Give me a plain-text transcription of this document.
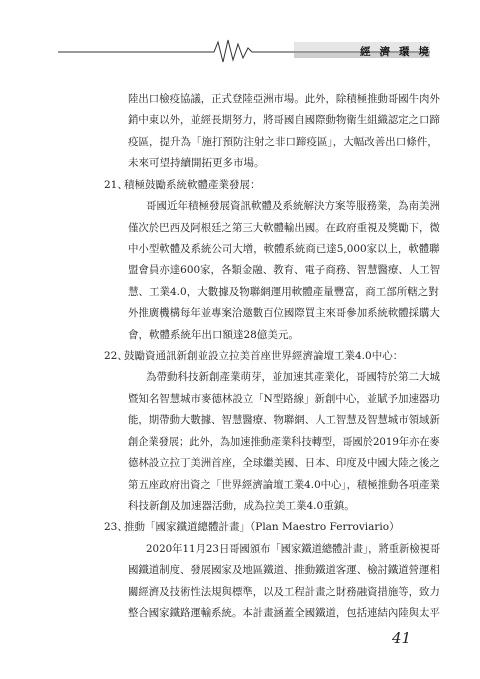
經濟環境
陸出口檢疫協議，正式登陸亞洲市場。此外，除積極推動哥國牛肉外
銷中東以外，並經長期努力，將哥國自國際動物衛生組織認定之口蹄
疫區，提升為「施打預防注射之非口蹄疫區」，大幅改善出口條件，
未來可望持續開拓更多市場。
21、
積極鼓勵系統軟體產業發展：
哥國近年積極發展資訊軟體及系統解決方案等服務業，為南美洲
僅次於巴西及阿根廷之第三大軟體輸出國。在政府重視及獎勵下，微
中小型軟體及系統公司大增，軟體系統商已達5,000家以上，軟體聯
盟會員亦達600家，各類金融、教育、電子商務、智慧醫療、人工智
慧、工業4.0，大數據及物聯網運用軟體產量豐富，商工部所轄之對
外推廣機構每年並專案洽邀數百位國際買主來哥參加系統軟體採購大
會，軟體系統年出口額達28億美元。
22、
鼓勵資通訊新創並設立拉美首座世界經濟論壇工業4.0中心：
為帶動科技新創產業萌芽，並加速其產業化，哥國特於第二大城
暨知名智慧城市麥德林設立「N型路線」新創中心，並賦予加速器功
能，期帶動大數據、智慧醫療、物聯網、人工智慧及智慧城市領域新
創企業發展；此外，為加速推動產業科技轉型，哥國於2019年亦在麥
德林設立拉丁美洲首座，全球繼美國、日本、印度及中國大陸之後之
第五座政府出資之「世界經濟論壇工業4.0中心」，積極推動各項產業
科技新創及加速器活動，成為拉美工業4.0重鎮。
23、
推動「國家鐵道總體計畫」（Plan Maestro Ferroviario）
2020年11月23日哥國頒布「國家鐵道總體計畫」，將重新檢視哥
國鐵道制度、發展國家及地區鐵道、推動鐵道客運、檢討鐵道營運相
關經濟及技術性法規與標準，以及工程計畫之財務融資措施等，致力
整合國家鐵路運輸系統。本計畫涵蓋全國鐵道，包括連結內陸與太平
41
